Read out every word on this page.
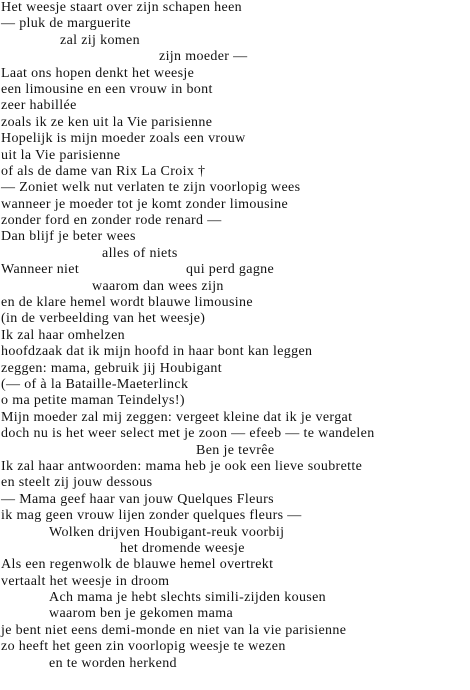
Het weesje staart over zijn schapen heen
— pluk de marguerite
zal zij komen
zijn moeder —
Laat ons hopen denkt het weesje
een limousine en een vrouw in bont
zeer habillée
zoals ik ze ken uit la Vie parisienne
Hopelijk is mijn moeder zoals een vrouw
uit la Vie parisienne
of als de dame van Rix La Croix †
— Zoniet welk nut verlaten te zijn voorlopig wees
wanneer je moeder tot je komt zonder limousine
zonder ford en zonder rode renard —
Dan blijf je beter wees
alles of niets
Wanneer niet	qui perd gagne
waarom dan wees zijn
en de klare hemel wordt blauwe limousine
(in de verbeelding van het weesje)
Ik zal haar omhelzen
hoofdzaak dat ik mijn hoofd in haar bont kan leggen
zeggen: mama, gebruik jij Houbigant
(— of à la Bataille-Maeterlinck
o ma petite maman Teindelys!)
Mijn moeder zal mij zeggen: vergeet kleine dat ik je vergat
doch nu is het weer select met je zoon — efeeb — te wandelen
Ben je tevrêe
Ik zal haar antwoorden: mama heb je ook een lieve soubrette
en steelt zij jouw dessous
— Mama geef haar van jouw Quelques Fleurs
ik mag geen vrouw lijen zonder quelques fleurs —
Wolken drijven Houbigant-reuk voorbij
het dromende weesje
Als een regenwolk de blauwe hemel overtrekt
vertaalt het weesje in droom
Ach mama je hebt slechts simili-zijden kousen
waarom ben je gekomen mama
je bent niet eens demi-monde en niet van la vie parisienne
zo heeft het geen zin voorlopig weesje te wezen
en te worden herkend
